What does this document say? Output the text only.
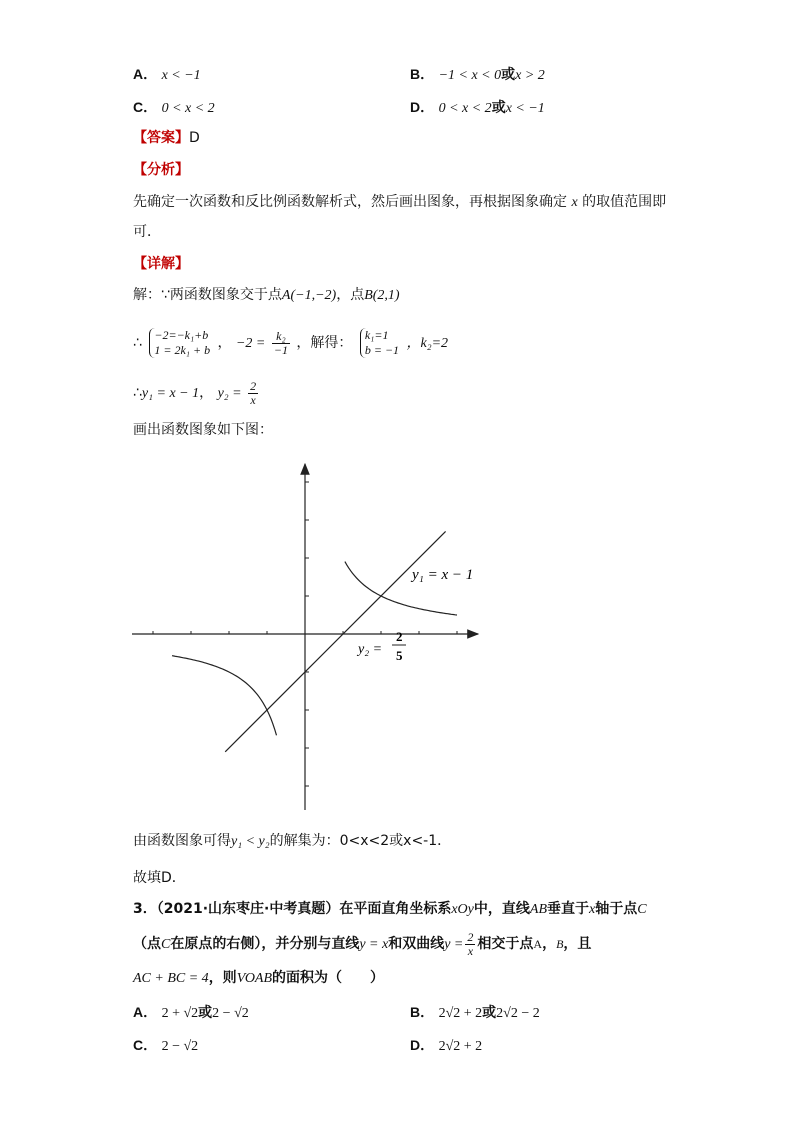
A． x < −1	B． −1 < x < 0或x > 2
C． 0 < x < 2	D． 0 < x < 2或x < −1
【答案】D
【分析】
先确定一次函数和反比例函数解析式，然后画出图象，再根据图象确定 x 的取值范围即
可．
【详解】
解：∵两函数图象交于点A(−1,−2)，点B(2,1)
∴ −2=−k₁+b
1 = 2k₁ + b ， $-2 = \frac{\text{k₂}}{-1}$ ，解得： k₁=1
b = −1 ，k₂=2
∴y₁ = x − 1， $y_2 = \frac{2}{x}$
画出函数图象如下图：
y₁ = x − 1
y₂ =
2
5
由函数图象可得y₁ < y₂的解集为：0<x<2或x<-1．
故填D．
3．（2021·山东枣庄·中考真题）在平面直角坐标系xOy中，直线AB垂直于x轴于点C
（点C在原点的右侧），并分别与直线y = x和双曲线$y = \frac{2}{x}$ 相交于点A，B，且
AC + BC = 4，则VOAB的面积为（　　）
A． 2 + √2或2 − √2	B． 2√2 + 2或2√2 − 2
C． 2 − √2	D． 2√2 + 2
